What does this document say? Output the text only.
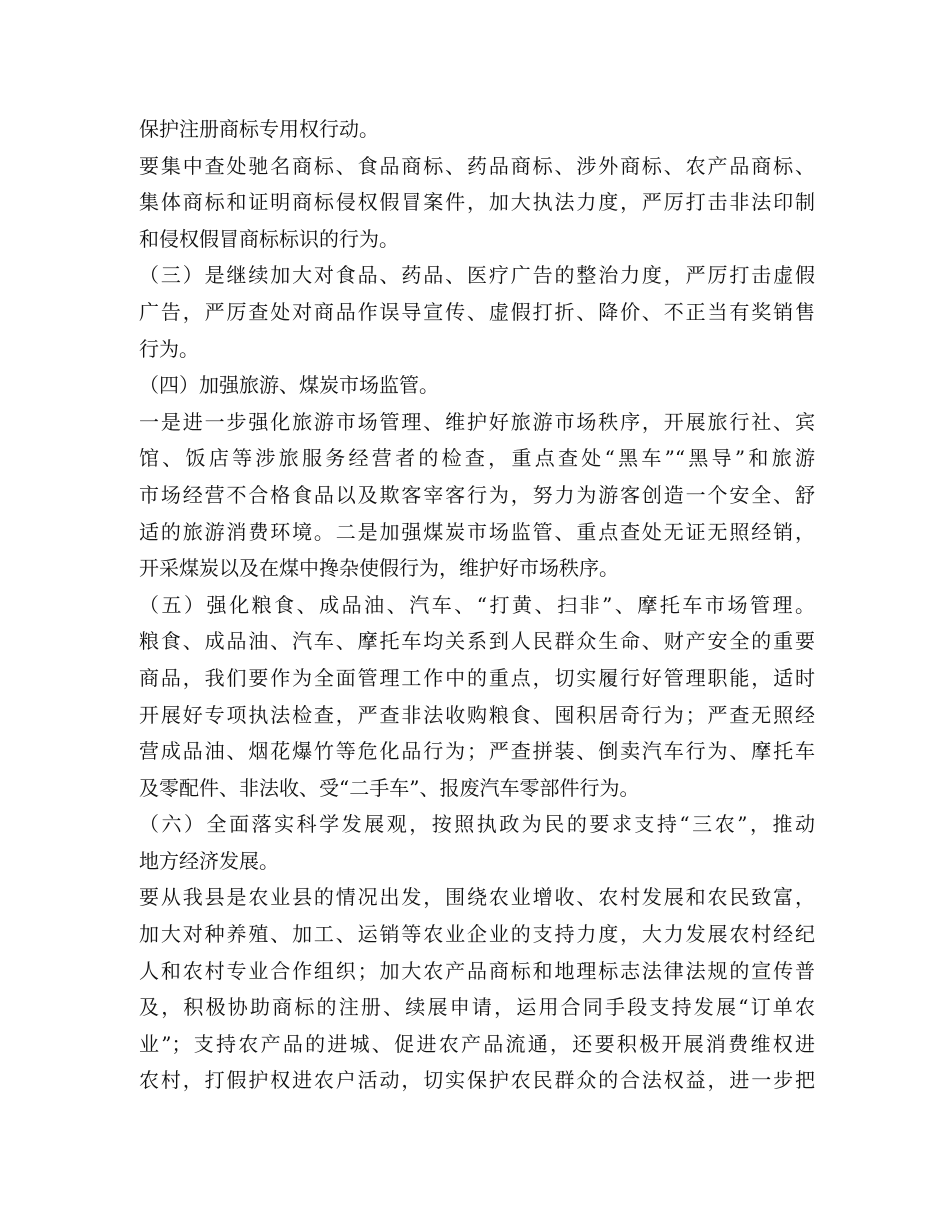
保护注册商标专用权行动。
要集中查处驰名商标、食品商标、药品商标、涉外商标、农产品商标、
集体商标和证明商标侵权假冒案件，加大执法力度，严厉打击非法印制
和侵权假冒商标标识的行为。
（三）是继续加大对食品、药品、医疗广告的整治力度，严厉打击虚假
广告，严厉查处对商品作误导宣传、虚假打折、降价、不正当有奖销售
行为。
（四）加强旅游、煤炭市场监管。
一是进一步强化旅游市场管理、维护好旅游市场秩序，开展旅行社、宾
馆、饭店等涉旅服务经营者的检查，重点查处“黑车”“黑导”和旅游
市场经营不合格食品以及欺客宰客行为，努力为游客创造一个安全、舒
适的旅游消费环境。二是加强煤炭市场监管、重点查处无证无照经销，
开采煤炭以及在煤中搀杂使假行为，维护好市场秩序。
（五）强化粮食、成品油、汽车、“打黄、扫非”、摩托车市场管理。
粮食、成品油、汽车、摩托车均关系到人民群众生命、财产安全的重要
商品，我们要作为全面管理工作中的重点，切实履行好管理职能，适时
开展好专项执法检查，严查非法收购粮食、囤积居奇行为；严查无照经
营成品油、烟花爆竹等危化品行为；严查拼装、倒卖汽车行为、摩托车
及零配件、非法收、受“二手车”、报废汽车零部件行为。
（六）全面落实科学发展观，按照执政为民的要求支持“三农”，推动
地方经济发展。
要从我县是农业县的情况出发，围绕农业增收、农村发展和农民致富，
加大对种养殖、加工、运销等农业企业的支持力度，大力发展农村经纪
人和农村专业合作组织；加大农产品商标和地理标志法律法规的宣传普
及，积极协助商标的注册、续展申请，运用合同手段支持发展“订单农
业”；支持农产品的进城、促进农产品流通，还要积极开展消费维权进
农村，打假护权进农户活动，切实保护农民群众的合法权益，进一步把
